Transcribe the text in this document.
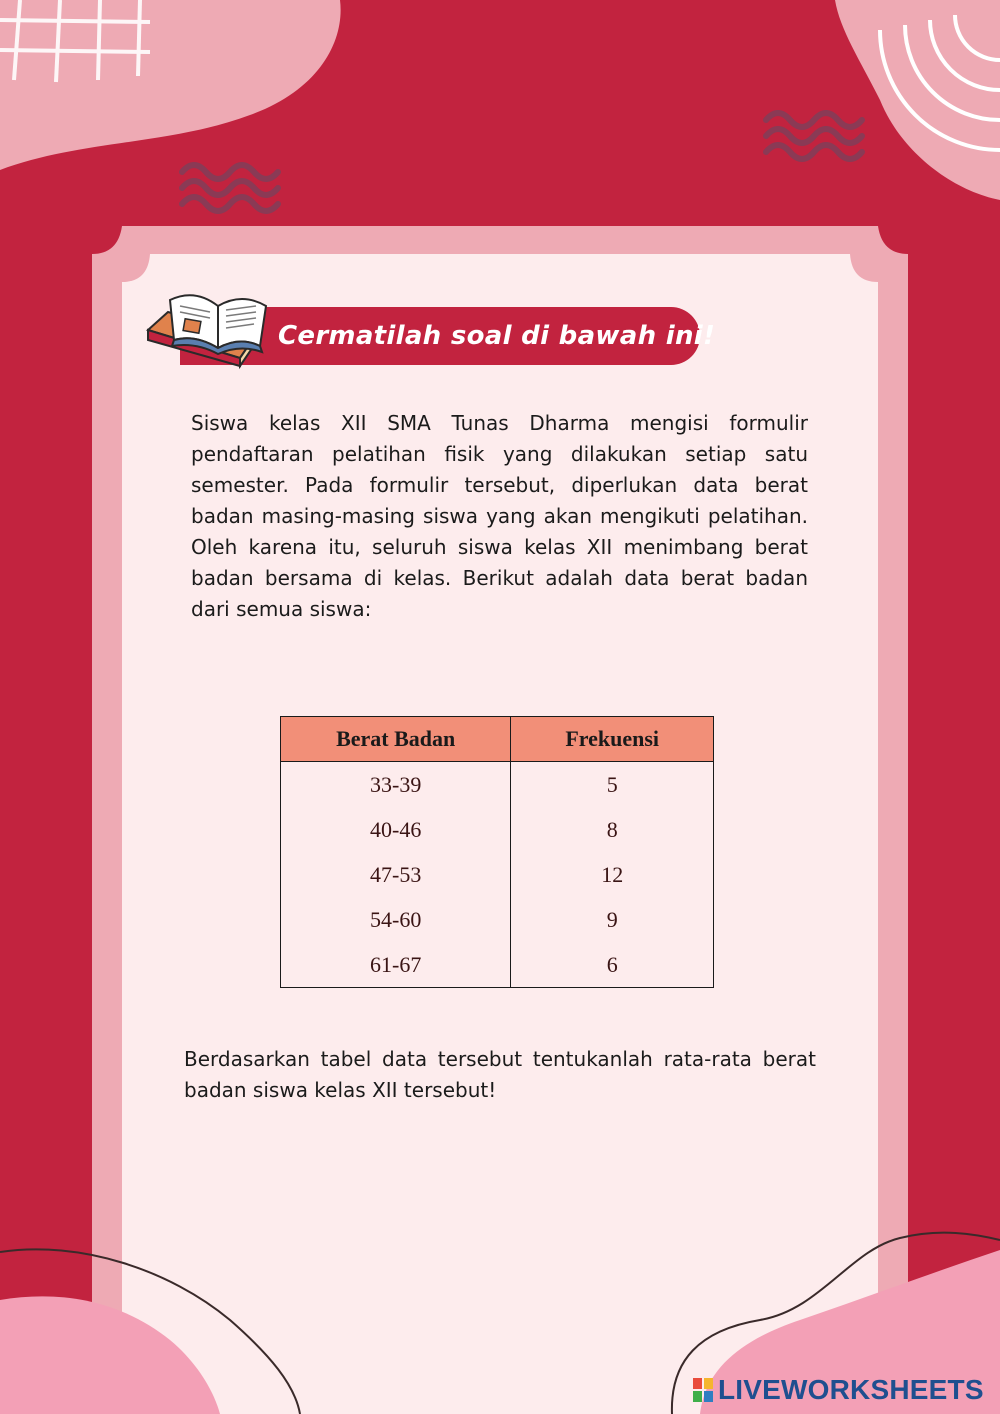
Cermatilah soal di bawah ini!

Siswa kelas XII SMA Tunas Dharma mengisi formulir pendaftaran pelatihan fisik yang dilakukan setiap satu semester. Pada formulir tersebut, diperlukan data berat badan masing-masing siswa yang akan mengikuti pelatihan. Oleh karena itu, seluruh siswa kelas XII menimbang berat badan bersama di kelas. Berikut adalah data berat badan dari semua siswa:

Berat Badan	Frekuensi
33-39	5
40-46	8
47-53	12
54-60	9
61-67	6

Berdasarkan tabel data tersebut tentukanlah rata-rata berat badan siswa kelas XII tersebut!

LIVEWORKSHEETS
